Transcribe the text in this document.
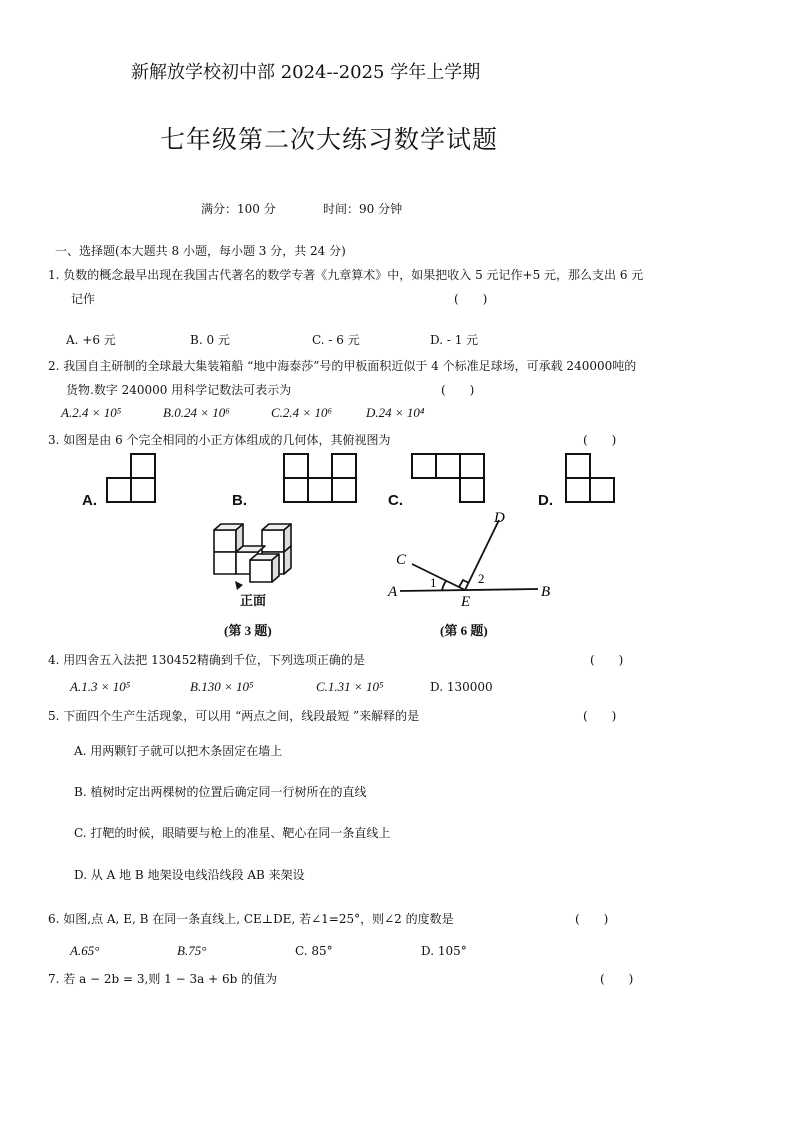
新解放学校初中部 2024--2025 学年上学期
七年级第二次大练习数学试题
满分：100 分	时间：90 分钟
一、选择题(本大题共 8 小题，每小题 3 分，共 24 分)
1. 负数的概念最早出现在我国古代著名的数学专著《九章算术》中，如果把收入 5 元记作+5 元，那么支出 6 元
记作	(　　)
A. +6 元	B. 0 元	C. - 6 元	D. - 1 元
2. 我国自主研制的全球最大集装箱船 “地中海泰莎”号的甲板面积近似于 4 个标准足球场，可承载 240000吨的
货物.数字 240000 用科学记数法可表示为	(　　)
A.2.4 × 10⁵	B.0.24 × 10⁶	C.2.4 × 10⁶	D.24 × 10⁴
3. 如图是由 6 个完全相同的小正方体组成的几何体，其俯视图为	(　　)
A.	B.	C.	D.
正面
(第 3 题)
A	B
C
D
E
1	2
(第 6 题)
4. 用四舍五入法把 130452精确到千位，下列选项正确的是	(　　)
A.1.3 × 10⁵	B.130 × 10⁵	C.1.31 × 10⁵	D. 130000
5. 下面四个生产生活现象，可以用 “两点之间，线段最短 ”来解释的是	(　　)
A. 用两颗钉子就可以把木条固定在墙上
B. 植树时定出两棵树的位置后确定同一行树所在的直线
C. 打靶的时候，眼睛要与枪上的准星、靶心在同一条直线上
D. 从 A 地 B 地架设电线沿线段 AB 来架设
6. 如图,点 A, E, B 在同一条直线上, CE⊥DE, 若∠1=25°，则∠2 的度数是	(　　)
A.65°	B.75°	C. 85°	D. 105°
7. 若 a − 2b = 3,则 1 − 3a + 6b 的值为	(　　)
